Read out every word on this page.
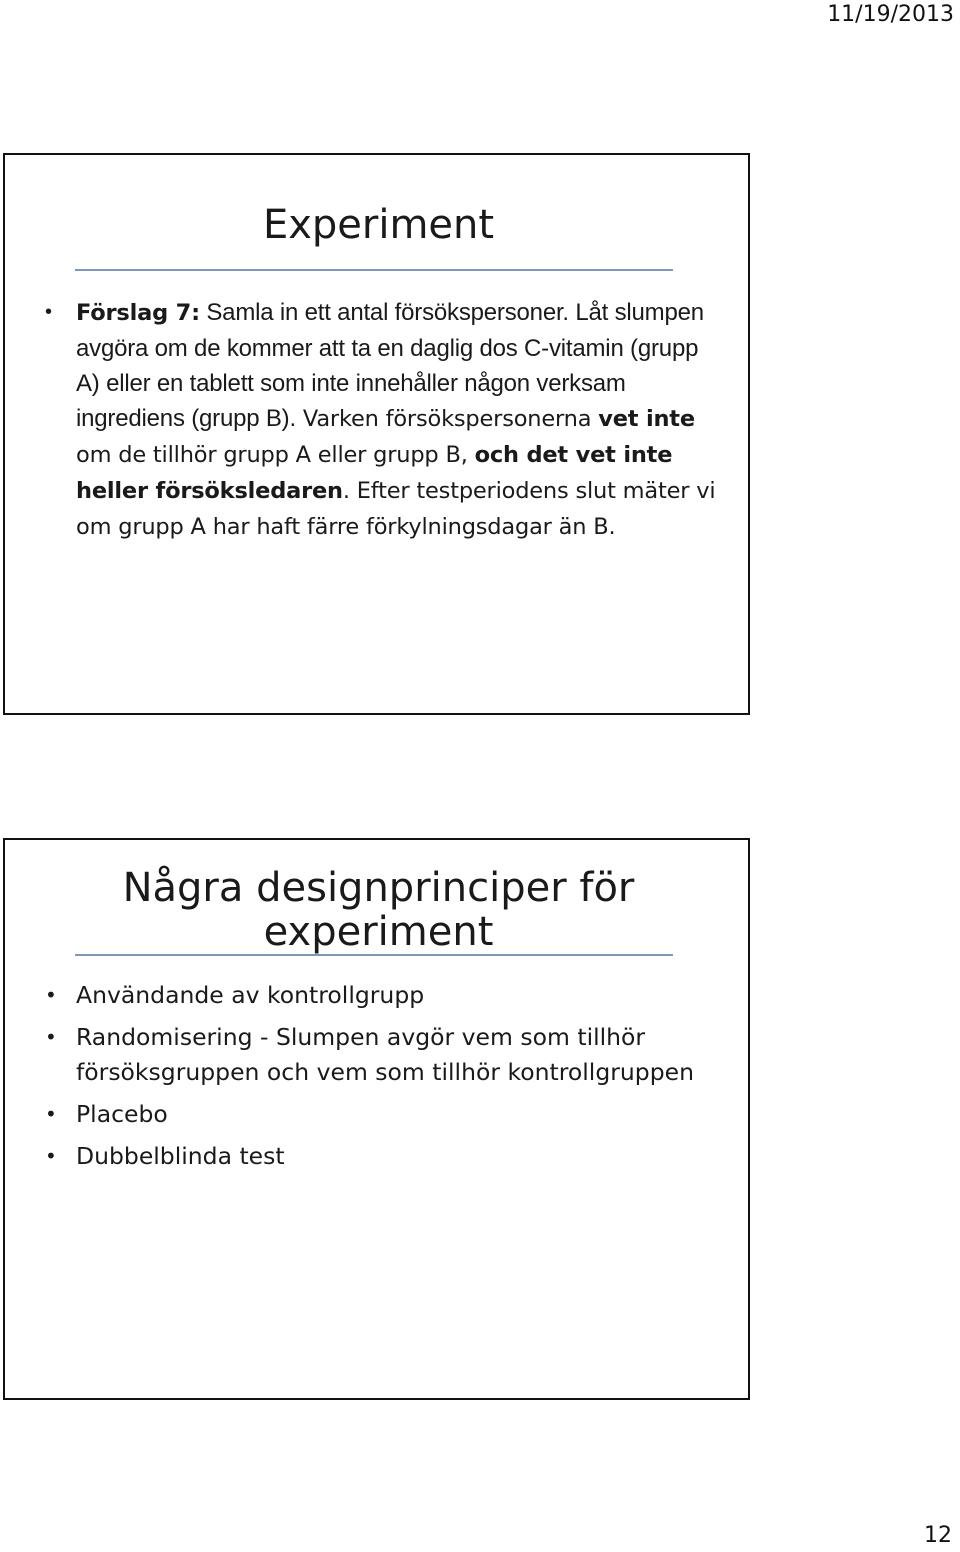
11/19/2013
Experiment
• Förslag 7: Samla in ett antal försökspersoner. Låt slumpen avgöra om de kommer att ta en daglig dos C-vitamin (grupp A) eller en tablett som inte innehåller någon verksam ingrediens (grupp B). Varken försökspersonerna vet inte om de tillhör grupp A eller grupp B, och det vet inte heller försöksledaren. Efter testperiodens slut mäter vi om grupp A har haft färre förkylningsdagar än B.
Några designprinciper för experiment
• Användande av kontrollgrupp
• Randomisering - Slumpen avgör vem som tillhör försöksgruppen och vem som tillhör kontrollgruppen
• Placebo
• Dubbelblinda test
12
